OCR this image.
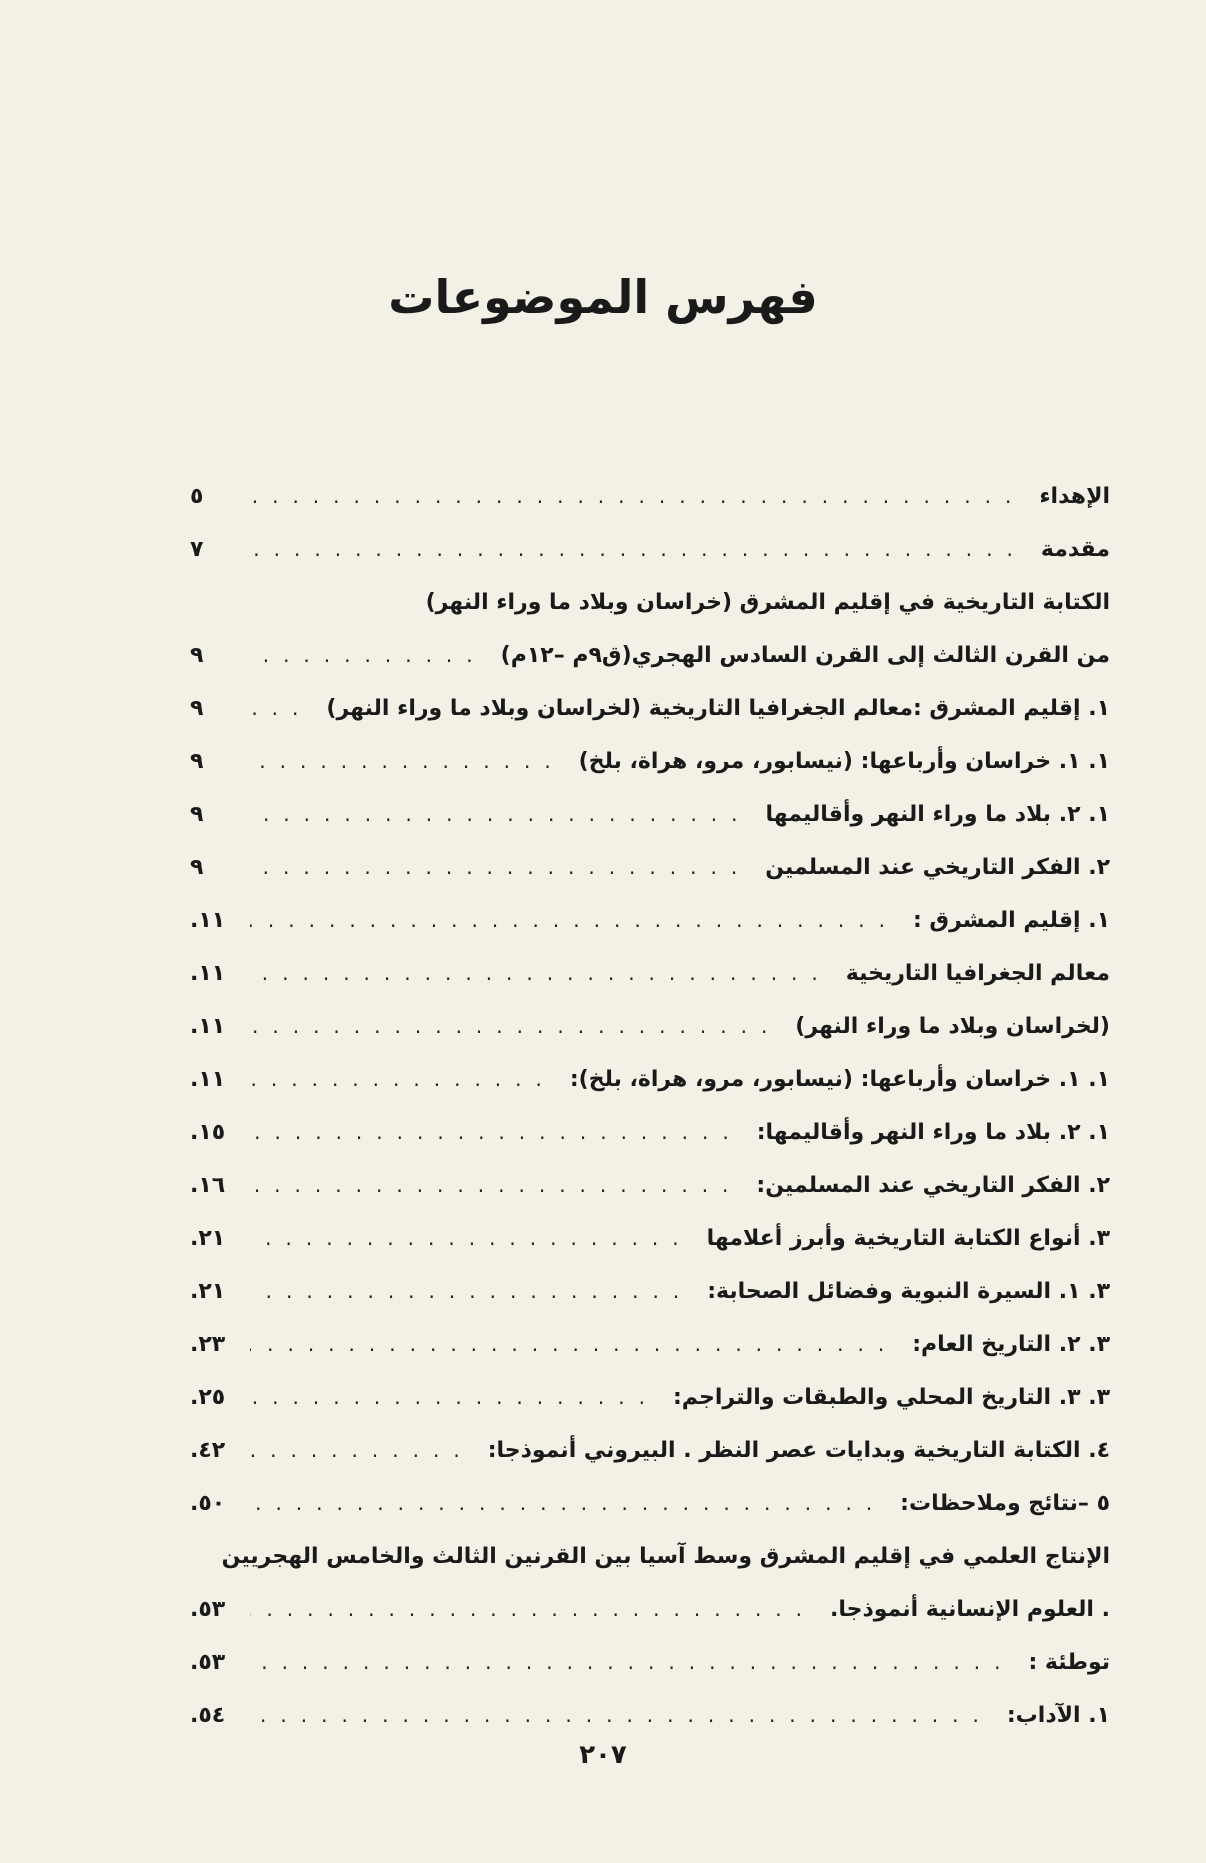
فهرس الموضوعات
الإهداء
.....
٥
مقدمة
.....
٧
الكتابة التاريخية في إقليم المشرق (خراسان وبلاد ما وراء النهر)
من القرن الثالث إلى القرن السادس الهجري(ق٩م –١٢م)
.....
٩
١. إقليم المشرق :معالم الجغرافيا التاريخية (لخراسان وبلاد ما وراء النهر)
.....
٩
١. ١. خراسان وأرباعها: (نيسابور، مرو، هراة، بلخ)
.....
٩
١. ٢. بلاد ما وراء النهر وأقاليمها
.....
٩
٢. الفكر التاريخي عند المسلمين
.....
٩
١. إقليم المشرق :
.....
١١.
معالم الجغرافيا التاريخية
.....
١١.
(لخراسان وبلاد ما وراء النهر)
.....
١١.
١. ١. خراسان وأرباعها: (نيسابور، مرو، هراة، بلخ):
.....
١١.
١. ٢. بلاد ما وراء النهر وأقاليمها:
.....
١٥.
٢. الفكر التاريخي عند المسلمين:
.....
١٦.
٣. أنواع الكتابة التاريخية وأبرز أعلامها
.....
٢١.
٣. ١. السيرة النبوية وفضائل الصحابة:
.....
٢١.
٣. ٢. التاريخ العام:
.....
٢٣.
٣. ٣. التاريخ المحلي والطبقات والتراجم:
.....
٢٥.
٤. الكتابة التاريخية وبدايات عصر النظر . البيروني أنموذجا:
.....
٤٢.
٥ –نتائج وملاحظات:
.....
٥٠.
الإنتاج العلمي في إقليم المشرق وسط آسيا بين القرنين الثالث والخامس الهجريين
. العلوم الإنسانية أنموذجا.
.....
٥٣.
توطئة :
.....
٥٣.
١. الآداب:
.....
٥٤.
٢٠٧
